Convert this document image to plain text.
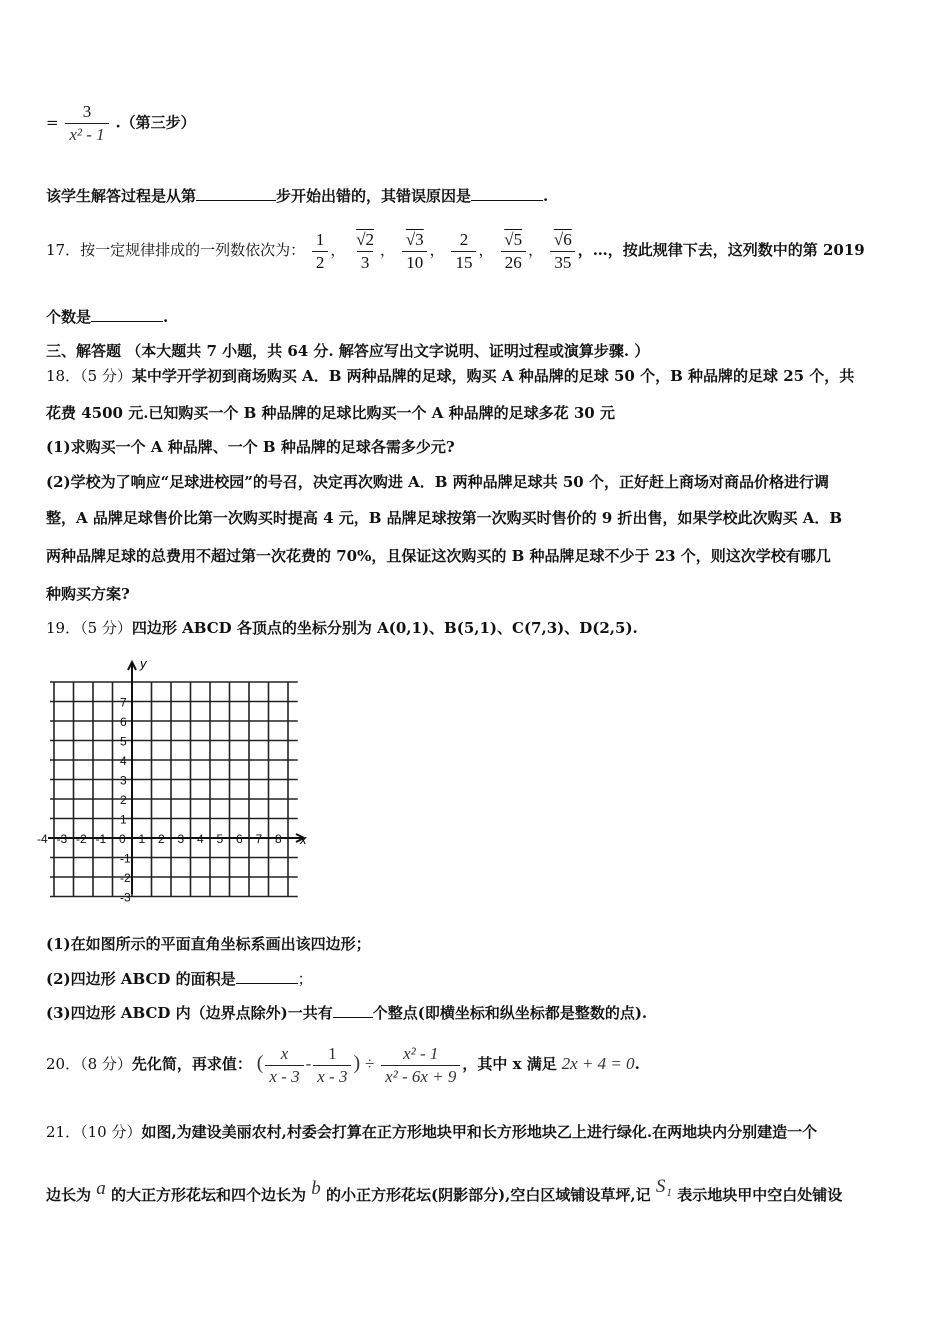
= $\frac{3}{\text{x² - 1}}$ .（第三步）
该学生解答过程是从第	步开始出错的，其错误原因是	.
17．按一定规律排成的一列数依次为： $\frac{1}{2}$ ， $\frac{√2}{3}$ ， $\frac{√3}{10}$ ， $\frac{2}{15}$ ， $\frac{√5}{26}$ ， $\frac{√6}{35}$ ，…，按此规律下去，这列数中的第 2019
个数是	.
三、解答题 （本大题共 7 小题，共 64 分. 解答应写出文字说明、证明过程或演算步骤. ）
18．（5 分）某中学开学初到商场购买 A．B 两种品牌的足球，购买 A 种品牌的足球 50 个，B 种品牌的足球 25 个，共
花费 4500 元.已知购买一个 B 种品牌的足球比购买一个 A 种品牌的足球多花 30 元
(1)求购买一个 A 种品牌、一个 B 种品牌的足球各需多少元?
(2)学校为了响应“足球进校园”的号召，决定再次购进 A．B 两种品牌足球共 50 个，正好赶上商场对商品价格进行调
整，A 品牌足球售价比第一次购买时提高 4 元，B 品牌足球按第一次购买时售价的 9 折出售，如果学校此次购买 A．B
两种品牌足球的总费用不超过第一次花费的 70%，且保证这次购买的 B 种品牌足球不少于 23 个，则这次学校有哪几
种购买方案?
19．（5 分）四边形 ABCD 各顶点的坐标分别为 A(0,1)、B(5,1)、C(7,3)、D(2,5).
y
x
7
6
5
4
3
2
1
-1
-2
-3
-4 -3 -2 -1 0 1 2 3 4 5 6 7 8
(1)在如图所示的平面直角坐标系画出该四边形；
(2)四边形 ABCD 的面积是	；
(3)四边形 ABCD 内（边界点除外)一共有	个整点(即横坐标和纵坐标都是整数的点).
20．（8 分）先化简，再求值： ( $\frac{x}{x - 3} - \frac{1}{x - 3}$ ) ÷ $\frac{\text{x² - 1}}{\text{x² - 6x + 9}}$ ，其中 x 满足 2x + 4 = 0.
21．（10 分）如图,为建设美丽农村,村委会打算在正方形地块甲和长方形地块乙上进行绿化.在两地块内分别建造一个
边长为 a 的大正方形花坛和四个边长为 b 的小正方形花坛(阴影部分),空白区域铺设草坪,记 S₁ 表示地块甲中空白处铺设
